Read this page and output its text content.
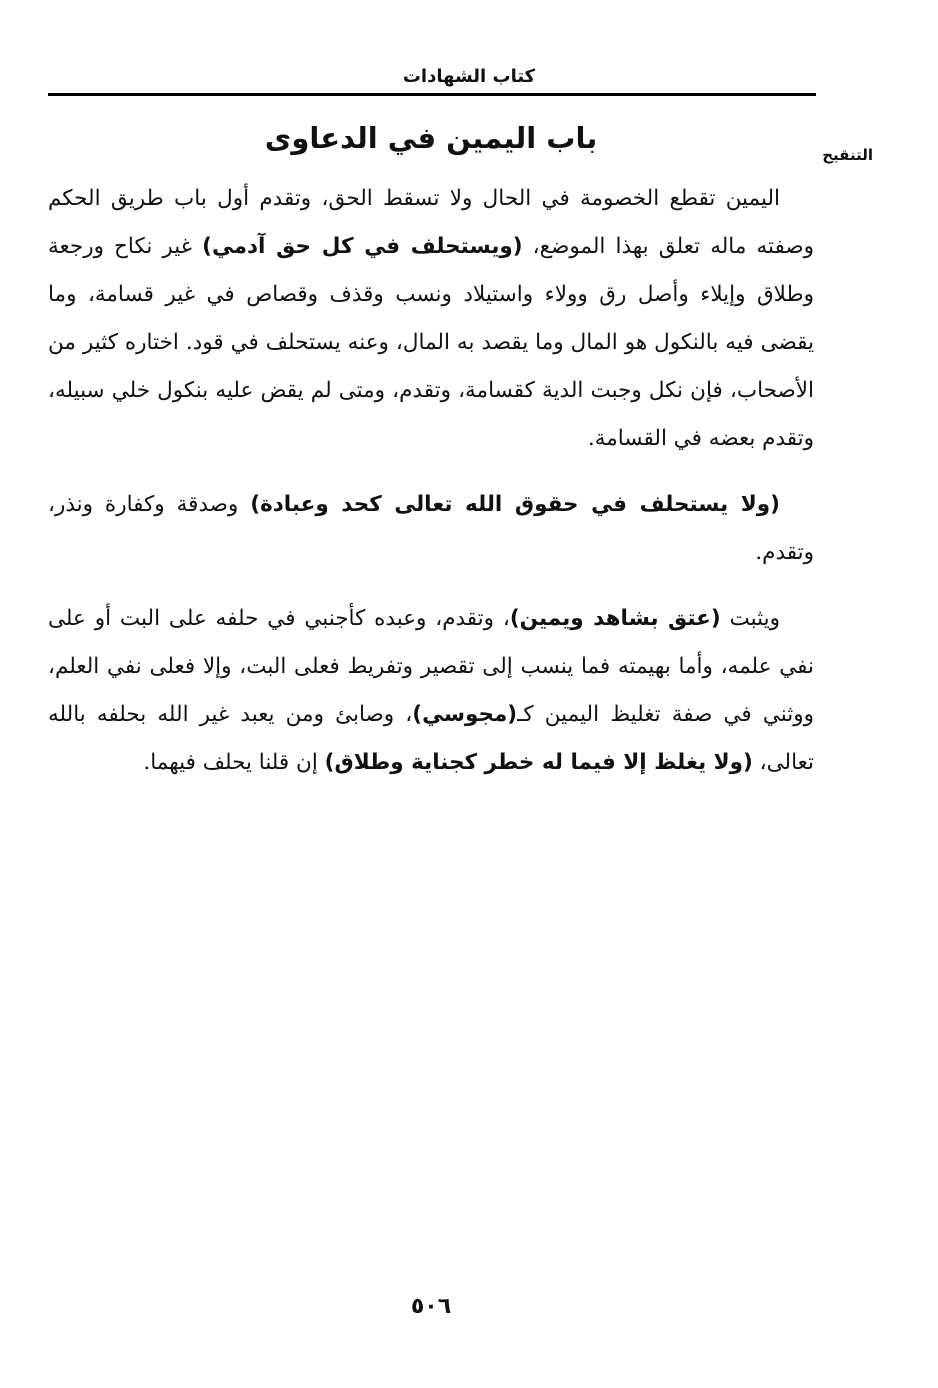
كتاب الشهادات
التنقيح
باب اليمين في الدعاوى

اليمين تقطع الخصومة في الحال ولا تسقط الحق، وتقدم أول باب طريق الحكم وصفته ماله تعلق بهذا الموضع، (ويستحلف في كل حق آدمي) غير نكاح ورجعة وطلاق وإيلاء وأصل رق وولاء واستيلاد ونسب وقذف وقصاص في غير قسامة، وما يقضى فيه بالنكول هو المال وما يقصد به المال، وعنه يستحلف في قود. اختاره كثير من الأصحاب، فإن نكل وجبت الدية كقسامة، وتقدم، ومتى لم يقض عليه بنكول خلي سبيله، وتقدم بعضه في القسامة.

(ولا يستحلف في حقوق الله تعالى كحد وعبادة) وصدقة وكفارة ونذر، وتقدم.

ويثبت (عتق بشاهد ويمين)، وتقدم، وعبده كأجنبي في حلفه على البت أو على نفي علمه، وأما بهيمته فما ينسب إلى تقصير وتفريط فعلى البت، وإلا فعلى نفي العلم، ووثني في صفة تغليظ اليمين كـ(مجوسي)، وصابئ ومن يعبد غير الله بحلفه بالله تعالى، (ولا يغلظ إلا فيما له خطر كجناية وطلاق) إن قلنا يحلف فيهما.

٥٠٦
